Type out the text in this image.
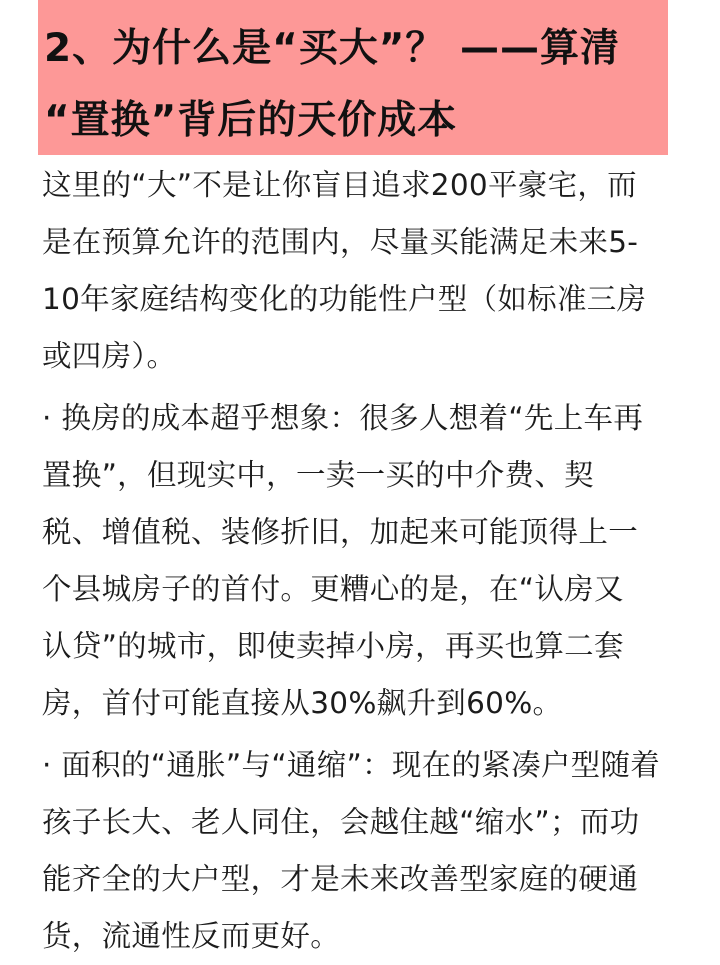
2、为什么是“买大”？ ——算清
“置换”背后的天价成本
这里的“大”不是让你盲目追求200平豪宅，而
是在预算允许的范围内，尽量买能满足未来5-
10年家庭结构变化的功能性户型（如标准三房
或四房）。
· 换房的成本超乎想象：很多人想着“先上车再
置换”，但现实中，一卖一买的中介费、契
税、增值税、装修折旧，加起来可能顶得上一
个县城房子的首付。更糟心的是，在“认房又
认贷”的城市，即使卖掉小房，再买也算二套
房，首付可能直接从30%飙升到60%。
· 面积的“通胀”与“通缩”：现在的紧凑户型随着
孩子长大、老人同住，会越住越“缩水”；而功
能齐全的大户型，才是未来改善型家庭的硬通
货，流通性反而更好。
